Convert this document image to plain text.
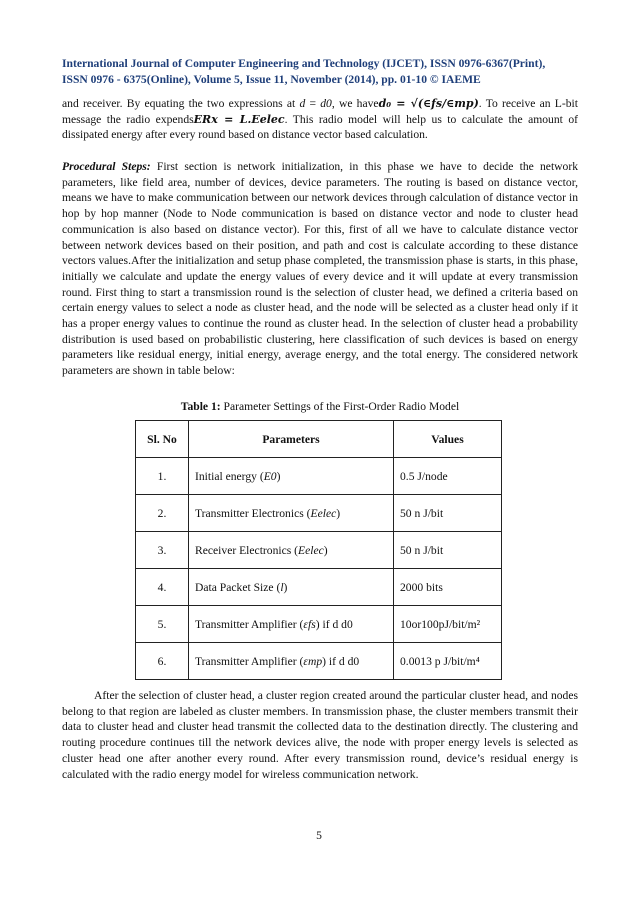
International Journal of Computer Engineering and Technology (IJCET), ISSN 0976-6367(Print),
ISSN 0976 - 6375(Online), Volume 5, Issue 11, November (2014), pp. 01-10 © IAEME
and receiver. By equating the two expressions at d = d0, we haved₀ = √(∈fs/∈mp). To receive an L-bit message the radio expendsERx = L.Eelec. This radio model will help us to calculate the amount of dissipated energy after every round based on distance vector based calculation.
Procedural Steps: First section is network initialization, in this phase we have to decide the network parameters, like field area, number of devices, device parameters. The routing is based on distance vector, means we have to make communication between our network devices through calculation of distance vector in hop by hop manner (Node to Node communication is based on distance vector and node to cluster head communication is also based on distance vector). For this, first of all we have to calculate distance vector between network devices based on their position, and path and cost is calculate according to these distance vectors values.After the initialization and setup phase completed, the transmission phase is starts, in this phase, initially we calculate and update the energy values of every device and it will update at every transmission round. First thing to start a transmission round is the selection of cluster head, we defined a criteria based on certain energy values to select a node as cluster head, and the node will be selected as a cluster head only if it has a proper energy values to continue the round as cluster head. In the selection of cluster head a probability distribution is used based on probabilistic clustering, here classification of such devices is based on energy parameters like residual energy, initial energy, average energy, and the total energy. The considered network parameters are shown in table below:
Table 1: Parameter Settings of the First-Order Radio Model
Sl. No	Parameters	Values
1.	Initial energy (E0)	0.5 J/node
2.	Transmitter Electronics (Eelec)	50 n J/bit
3.	Receiver Electronics (Eelec)	50 n J/bit
4.	Data Packet Size (l)	2000 bits
5.	Transmitter Amplifier (ɛfs) if d d0	10or100pJ/bit/m²
6.	Transmitter Amplifier (ɛmp) if d d0	0.0013 p J/bit/m⁴
After the selection of cluster head, a cluster region created around the particular cluster head, and nodes belong to that region are labeled as cluster members. In transmission phase, the cluster members transmit their data to cluster head and cluster head transmit the collected data to the destination directly. The clustering and routing procedure continues till the network devices alive, the node with proper energy levels is selected as cluster head one after another every round. After every transmission round, device’s residual energy is calculated with the radio energy model for wireless communication network.
5
